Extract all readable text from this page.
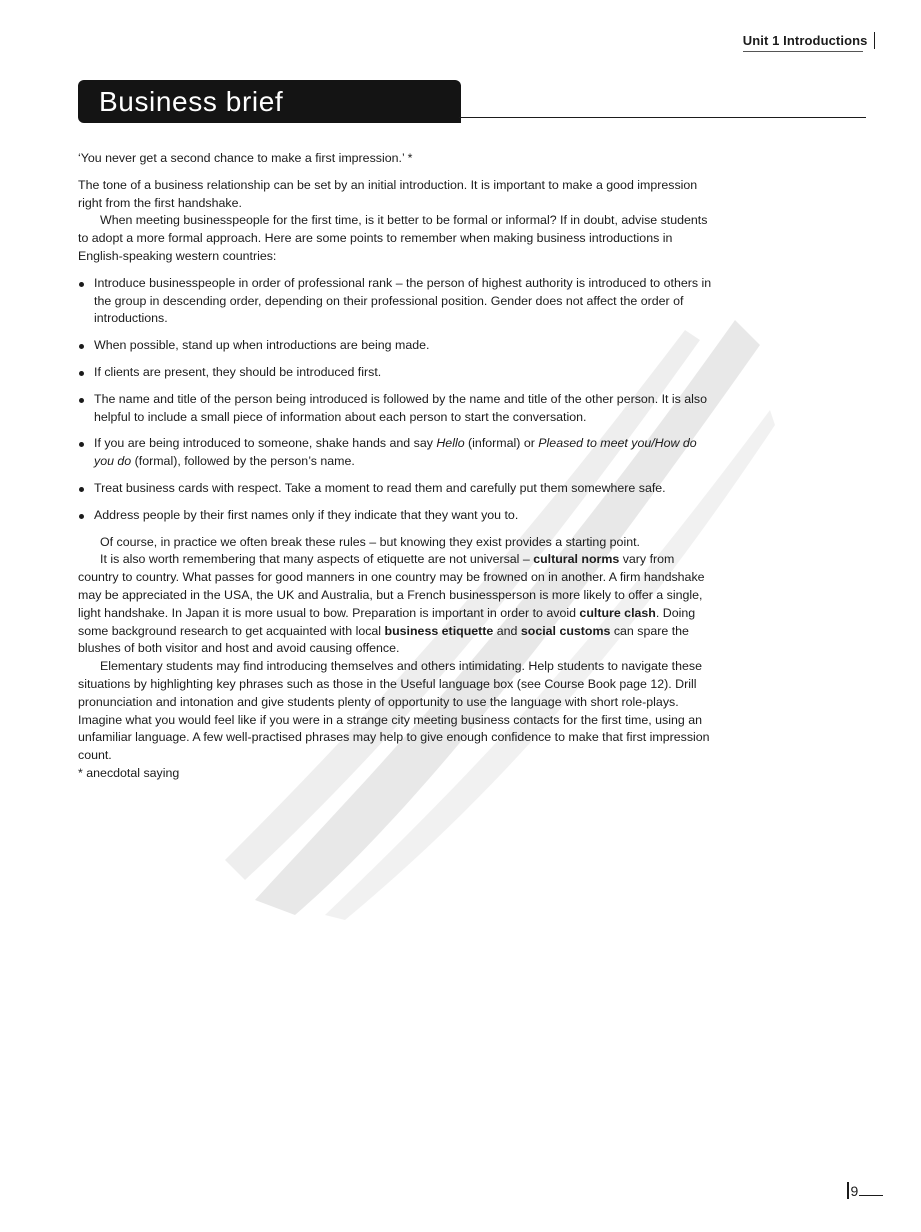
Unit 1 Introductions
Business brief

‘You never get a second chance to make a first impression.’ *

The tone of a business relationship can be set by an initial introduction. It is important to make a good impression right from the first handshake.

When meeting businesspeople for the first time, is it better to be formal or informal? If in doubt, advise students to adopt a more formal approach. Here are some points to remember when making business introductions in English-speaking western countries:

Introduce businesspeople in order of professional rank – the person of highest authority is introduced to others in the group in descending order, depending on their professional position. Gender does not affect the order of introductions.
When possible, stand up when introductions are being made.
If clients are present, they should be introduced first.
The name and title of the person being introduced is followed by the name and title of the other person. It is also helpful to include a small piece of information about each person to start the conversation.
If you are being introduced to someone, shake hands and say Hello (informal) or Pleased to meet you/How do you do (formal), followed by the person’s name.
Treat business cards with respect. Take a moment to read them and carefully put them somewhere safe.
Address people by their first names only if they indicate that they want you to.

Of course, in practice we often break these rules – but knowing they exist provides a starting point.

It is also worth remembering that many aspects of etiquette are not universal – cultural norms vary from country to country. What passes for good manners in one country may be frowned on in another. A firm handshake may be appreciated in the USA, the UK and Australia, but a French businessperson is more likely to offer a single, light handshake. In Japan it is more usual to bow. Preparation is important in order to avoid culture clash. Doing some background research to get acquainted with local business etiquette and social customs can spare the blushes of both visitor and host and avoid causing offence.

Elementary students may find introducing themselves and others intimidating. Help students to navigate these situations by highlighting key phrases such as those in the Useful language box (see Course Book page 12). Drill pronunciation and intonation and give students plenty of opportunity to use the language with short role-plays. Imagine what you would feel like if you were in a strange city meeting business contacts for the first time, using an unfamiliar language. A few well-practised phrases may help to give enough confidence to make that first impression count.

* anecdotal saying

9
